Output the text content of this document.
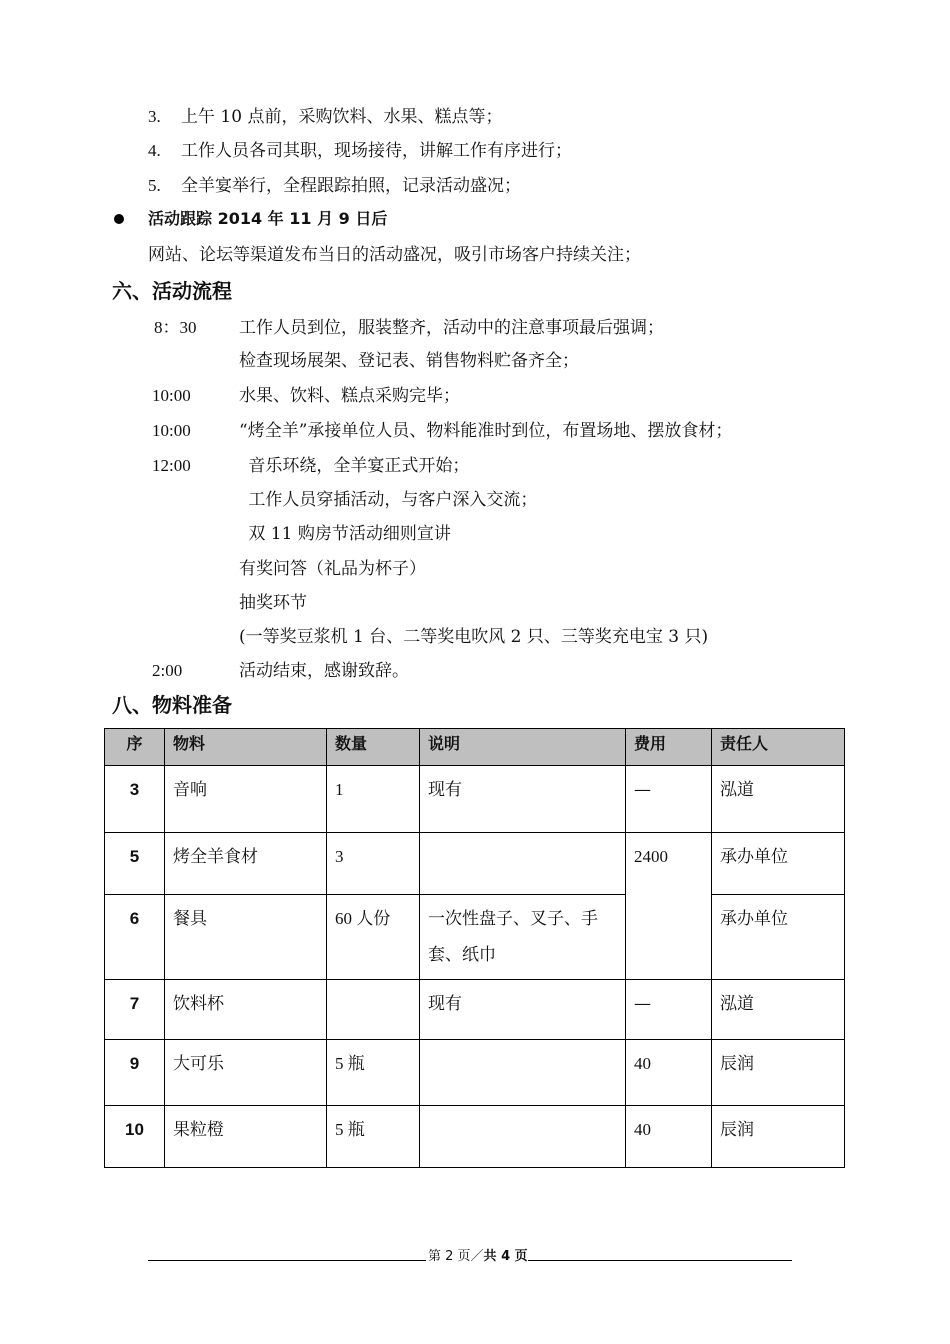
3. 上午 10 点前，采购饮料、水果、糕点等；
4. 工作人员各司其职，现场接待，讲解工作有序进行；
5. 全羊宴举行，全程跟踪拍照，记录活动盛况；
活动跟踪 2014 年 11 月 9 日后
网站、论坛等渠道发布当日的活动盛况，吸引市场客户持续关注；
六、活动流程
8：30	工作人员到位，服装整齐，活动中的注意事项最后强调；
检查现场展架、登记表、销售物料贮备齐全；
10:00	水果、饮料、糕点采购完毕；
10:00	“烤全羊”承接单位人员、物料能准时到位，布置场地、摆放食材；
12:00	音乐环绕，全羊宴正式开始；
工作人员穿插活动，与客户深入交流；
双 11 购房节活动细则宣讲
有奖问答（礼品为杯子）
抽奖环节
(一等奖豆浆机 1 台、二等奖电吹风 2 只、三等奖充电宝 3 只)
2:00	活动结束，感谢致辞。
八、物料准备
序	物料	数量	说明	费用	责任人
3	音响	1	现有	—	泓道
5	烤全羊食材	3		2400	承办单位
6	餐具	60 人份	一次性盘子、叉子、手套、纸巾		承办单位
7	饮料杯		现有	—	泓道
9	大可乐	5 瓶		40	辰润
10	果粒橙	5 瓶		40	辰润
第 2 页／共 4 页
